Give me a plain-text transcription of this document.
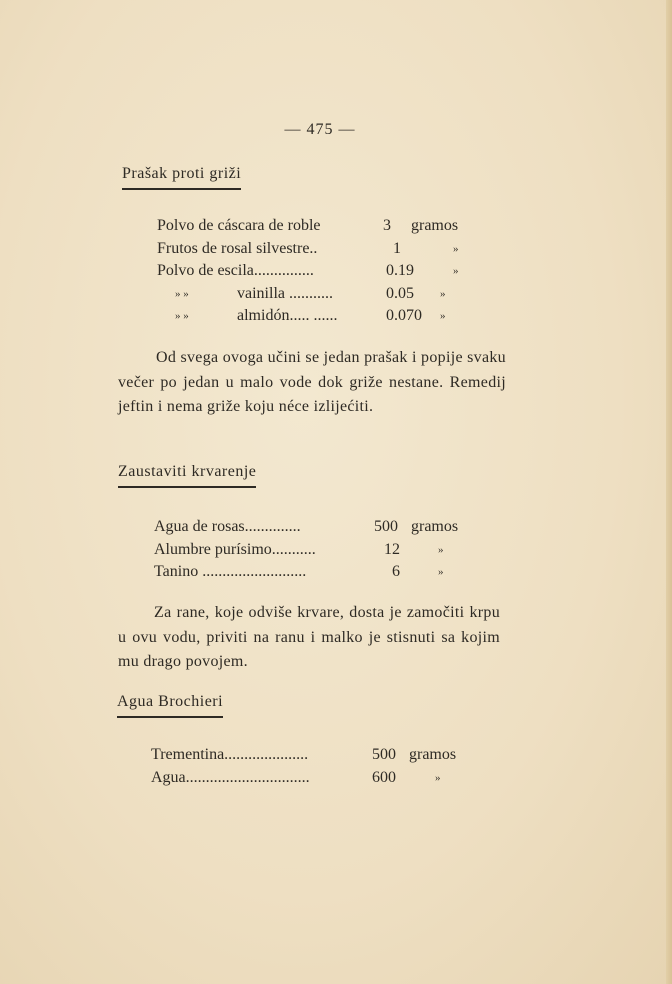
— 475 —
Prašak proti griži
Polvo de cáscara de roble	3 gramos
Frutos de rosal silvestre..	1	»
Polvo de escila...............	0.19	»
» »	vainilla ...........	0.05 »
» »	almidón..... ......	0.070 »
Od svega ovoga učini se jedan prašak i popije svaku večer po jedan u malo vode dok griže nestane. Remedij jeftin i nema griže koju néce izlijećiti.
Zaustaviti krvarenje
Agua de rosas..............	500 gramos
Alumbre purísimo...........	12	»
Tanino ..........................	6	»
Za rane, koje odviše krvare, dosta je zamočiti krpu u ovu vodu, priviti na ranu i malko je stisnuti sa kojim mu drago povojem.
Agua Brochieri
Trementina.....................	500 gramos
Agua...............................	600	»
